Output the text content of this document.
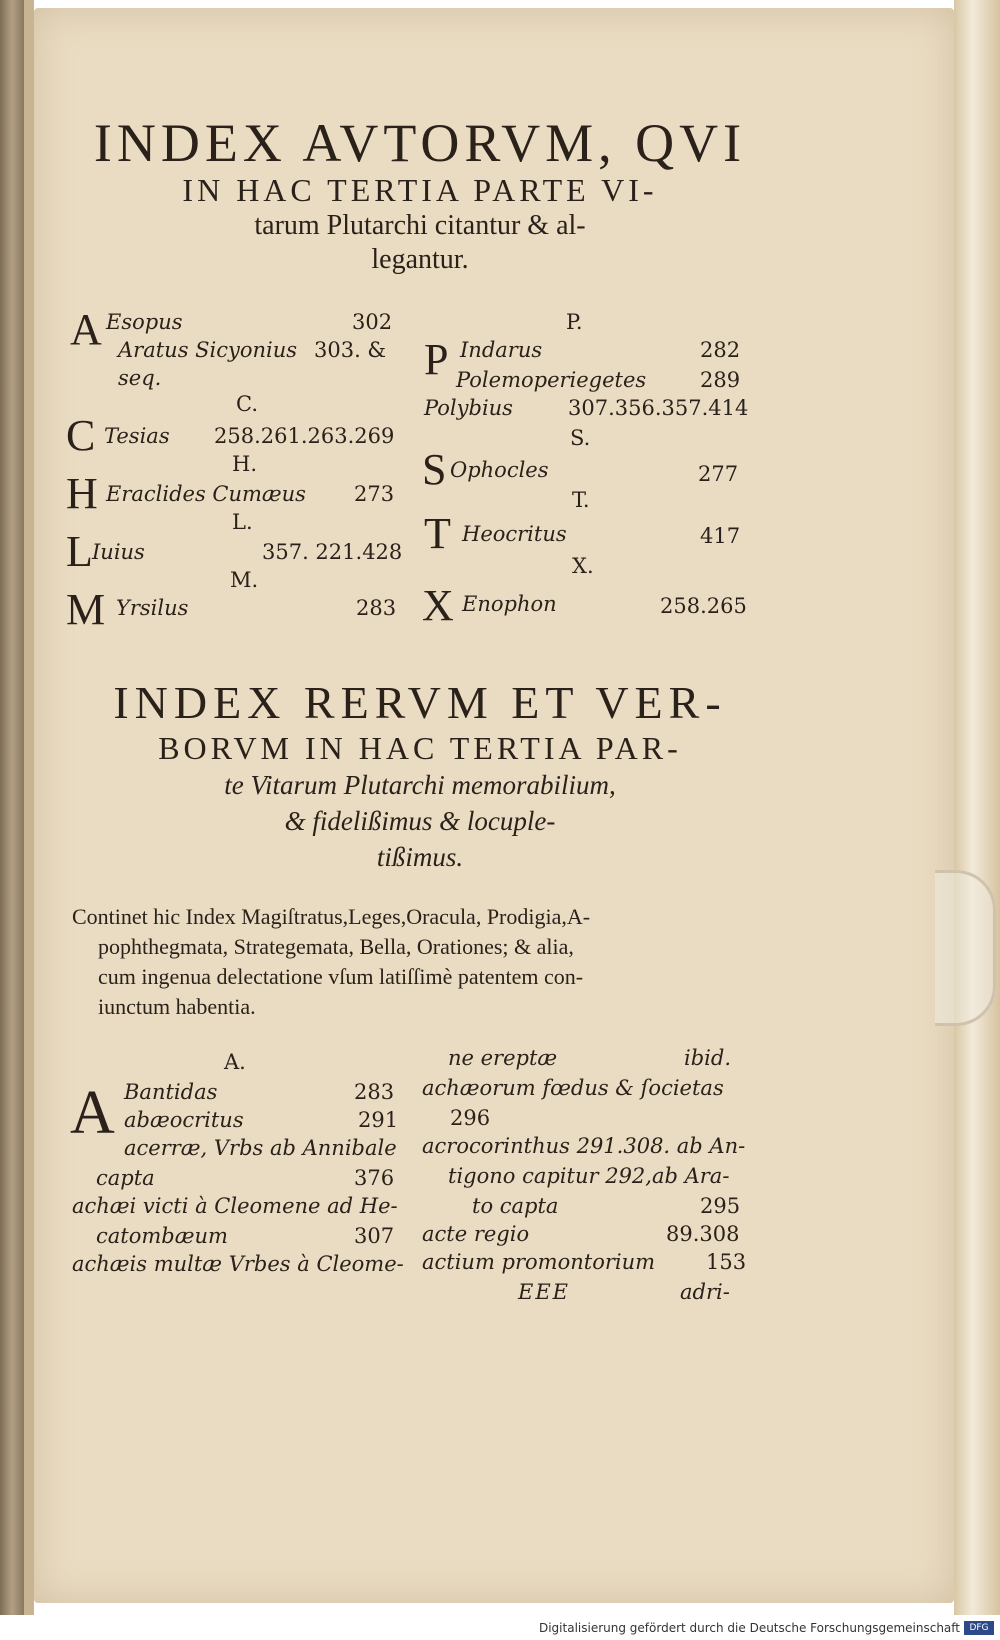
INDEX AVTORVM, QVI
IN HAC TERTIA PARTE VI-
tarum Plutarchi citantur & al-
legantur.
A Esopus	302
Aratus Sicyonius 303. &
seq.
C.
C Tesias 258.261.263.269
H.
H Eraclides Cumæus 273
L.
L Iuius	357. 221.428
M.
M Yrsilus	283
P.
P Indarus	282
Polemoperiegetes	289
Polybius	307.356.357.414
S.
S Ophocles	277
T.
T Heocritus	417
X.
X Enophon	258.265
INDEX RERVM ET VER-
BORVM IN HAC TERTIA PAR-
te Vitarum Plutarchi memorabilium,
& fidelißimus & locuple-
tißimus.
Continet hic Index Magiſtratus,Leges,Oracula, Prodigia,A-
pophthegmata, Strategemata, Bella, Orationes; & alia,
cum ingenua delectatione vſum latiſſimè patentem con-
iunctum habentia.
A.
A Bantidas	283
abæocritus	291
acerræ, Vrbs ab Annibale
capta	376
achæi victi à Cleomene ad He-
catombæum	307
achæis multæ Vrbes à Cleome-
ne ereptæ	ibid.
achæorum fœdus & ſocietas
296
acrocorinthus 291.308. ab An-
tigono capitur 292,ab Ara-
to capta	295
acte regio	89.308
actium promontorium 153
EEE	adri-
Digitalisierung gefördert durch die Deutsche Forschungsgemeinschaft	DFG
